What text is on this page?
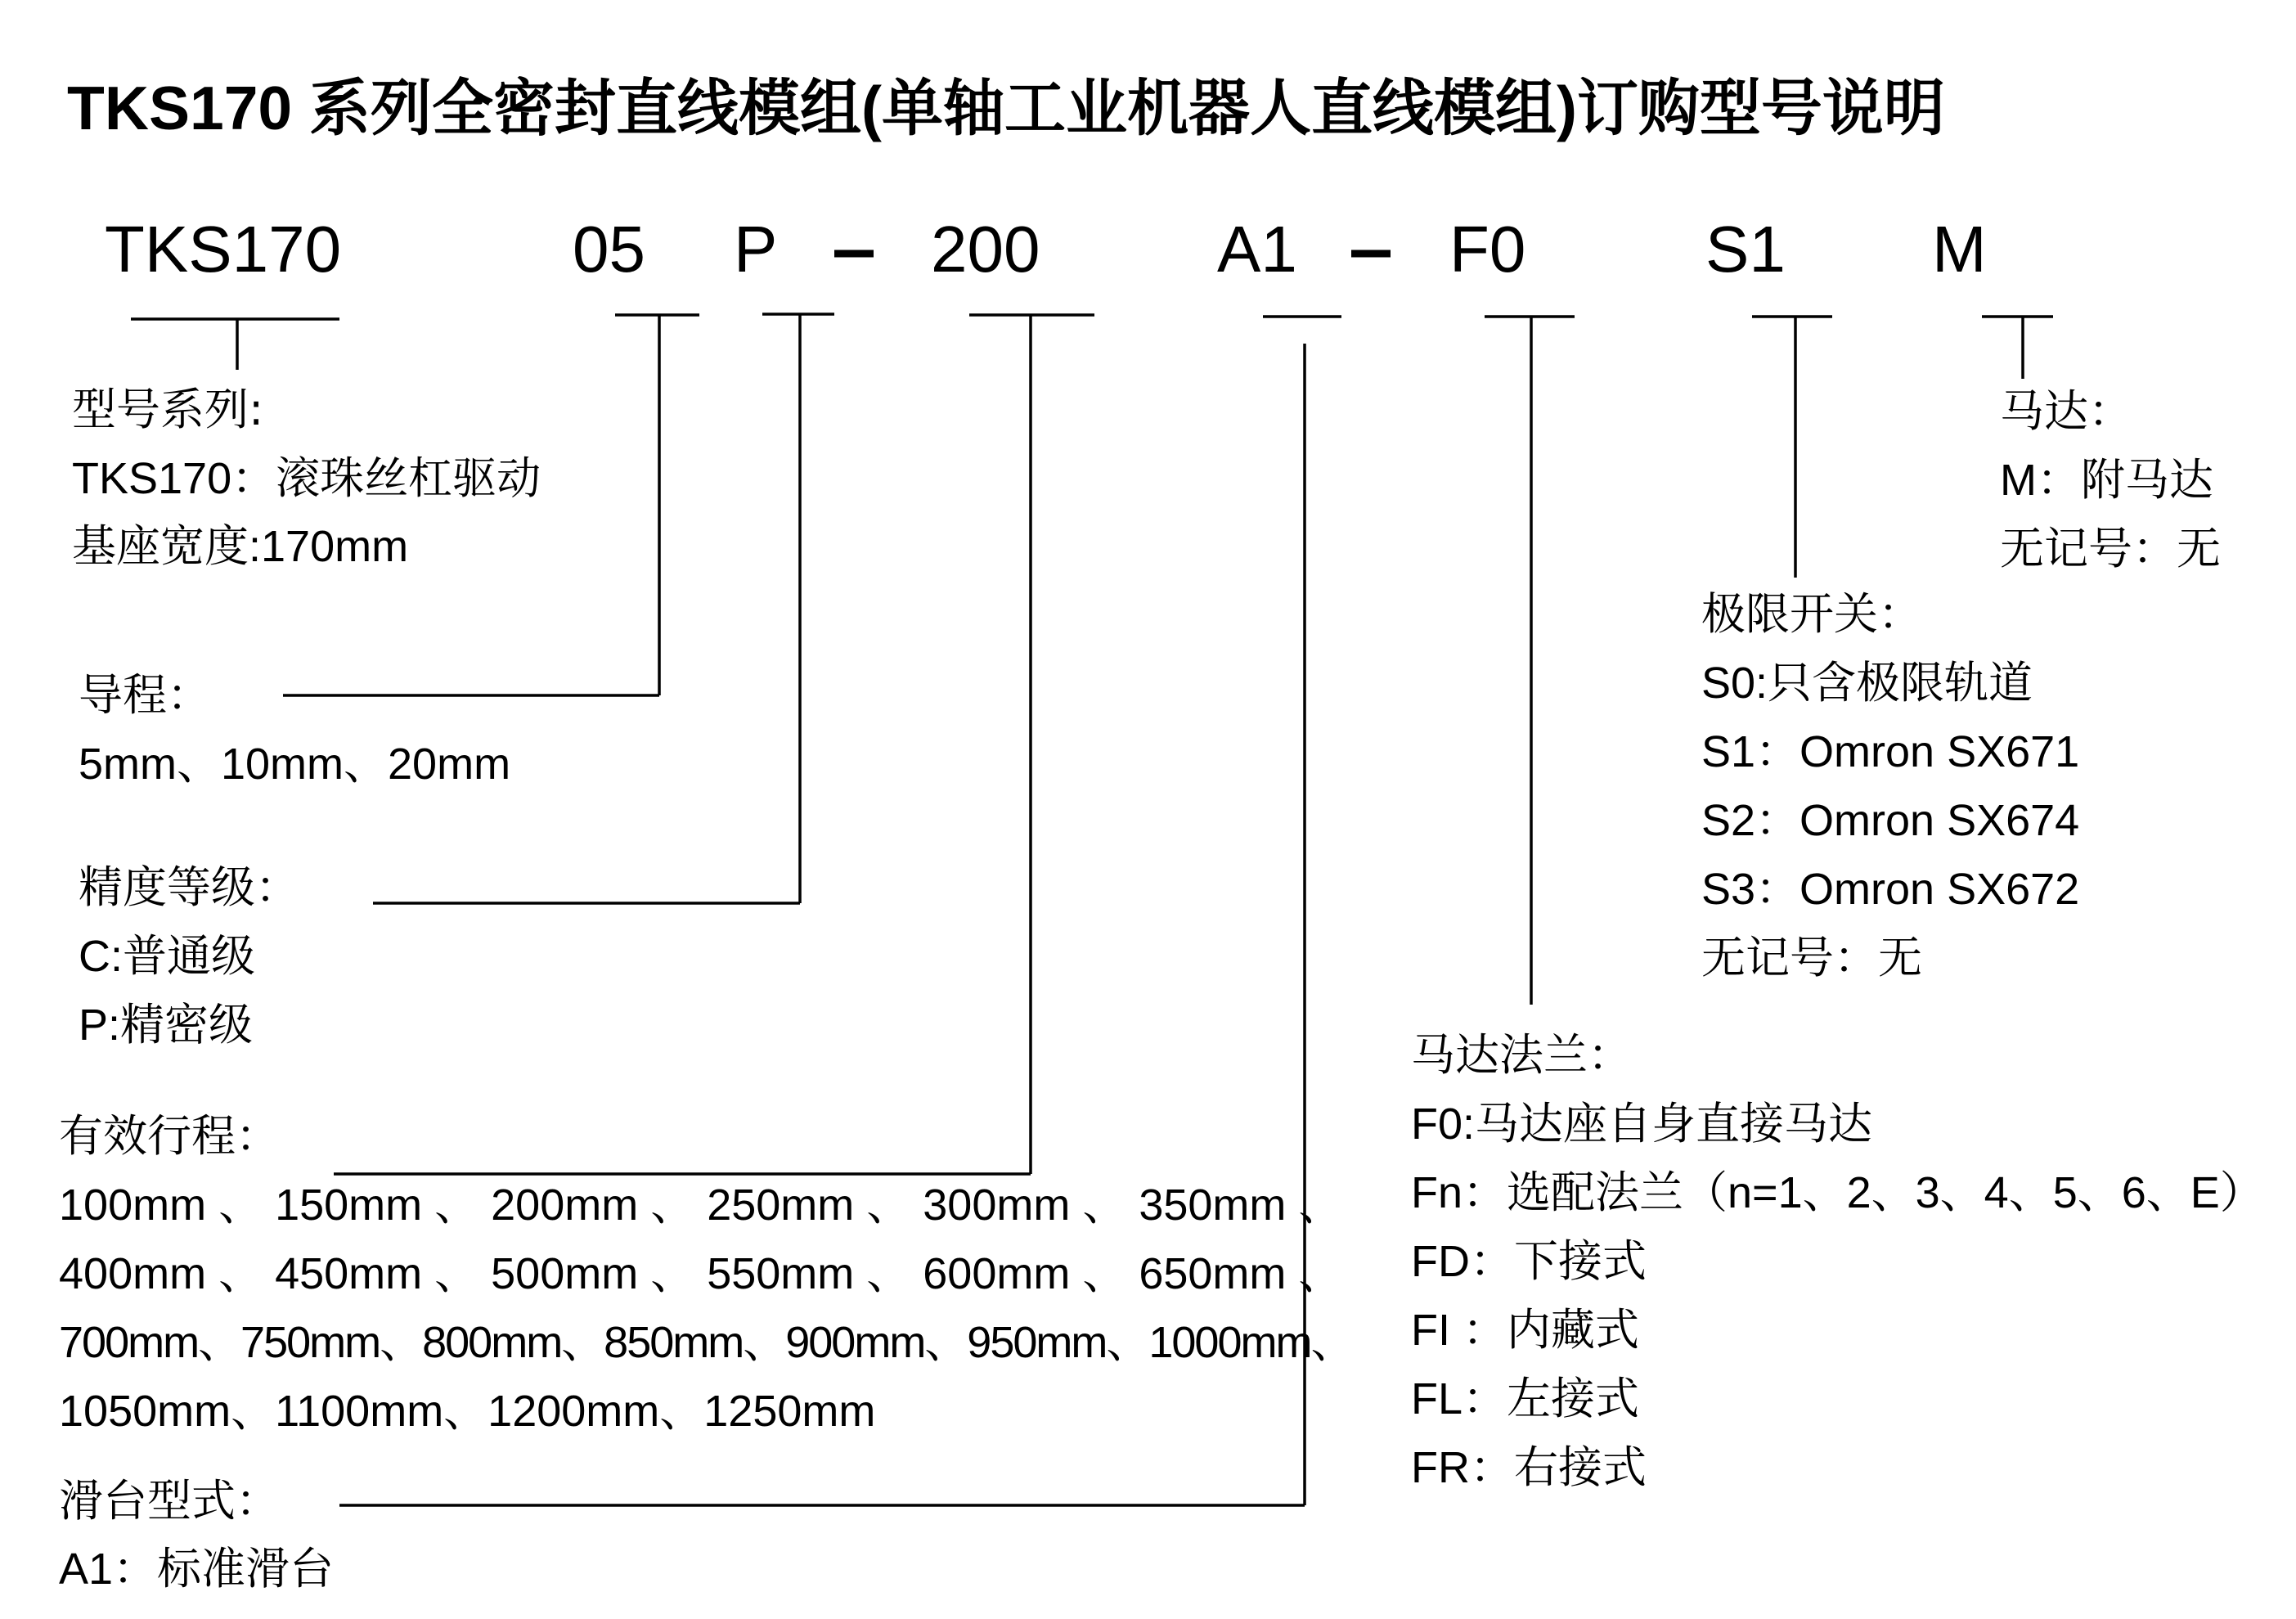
TKS170 系列全密封直线模组(单轴工业机器人直线模组)订购型号说明
TKS170	05 P 200	A1 F0	S1 M
型号系列:
TKS170：滚珠丝杠驱动
基座宽度:170mm
导程：
5mm、10mm、20mm
精度等级：
C:普通级
P:精密级
有效行程：
100mm 、 150mm 、 200mm 、 250mm 、 300mm 、 350mm 、
400mm 、 450mm 、 500mm 、 550mm 、 600mm 、 650mm 、
700mm、750mm、800mm、850mm、900mm、950mm、1000mm、
1050mm、1100mm、1200mm、1250mm
滑台型式：
A1：标准滑台
马达：
M：附马达
无记号：无
极限开关：
S0:只含极限轨道
S1：Omron SX671
S2：Omron SX674
S3：Omron SX672
无记号：无
马达法兰：
F0:马达座自身直接马达
Fn：选配法兰（n=1、2、3、4、5、6、E）
FD：下接式
FI ：内藏式
FL：左接式
FR：右接式
